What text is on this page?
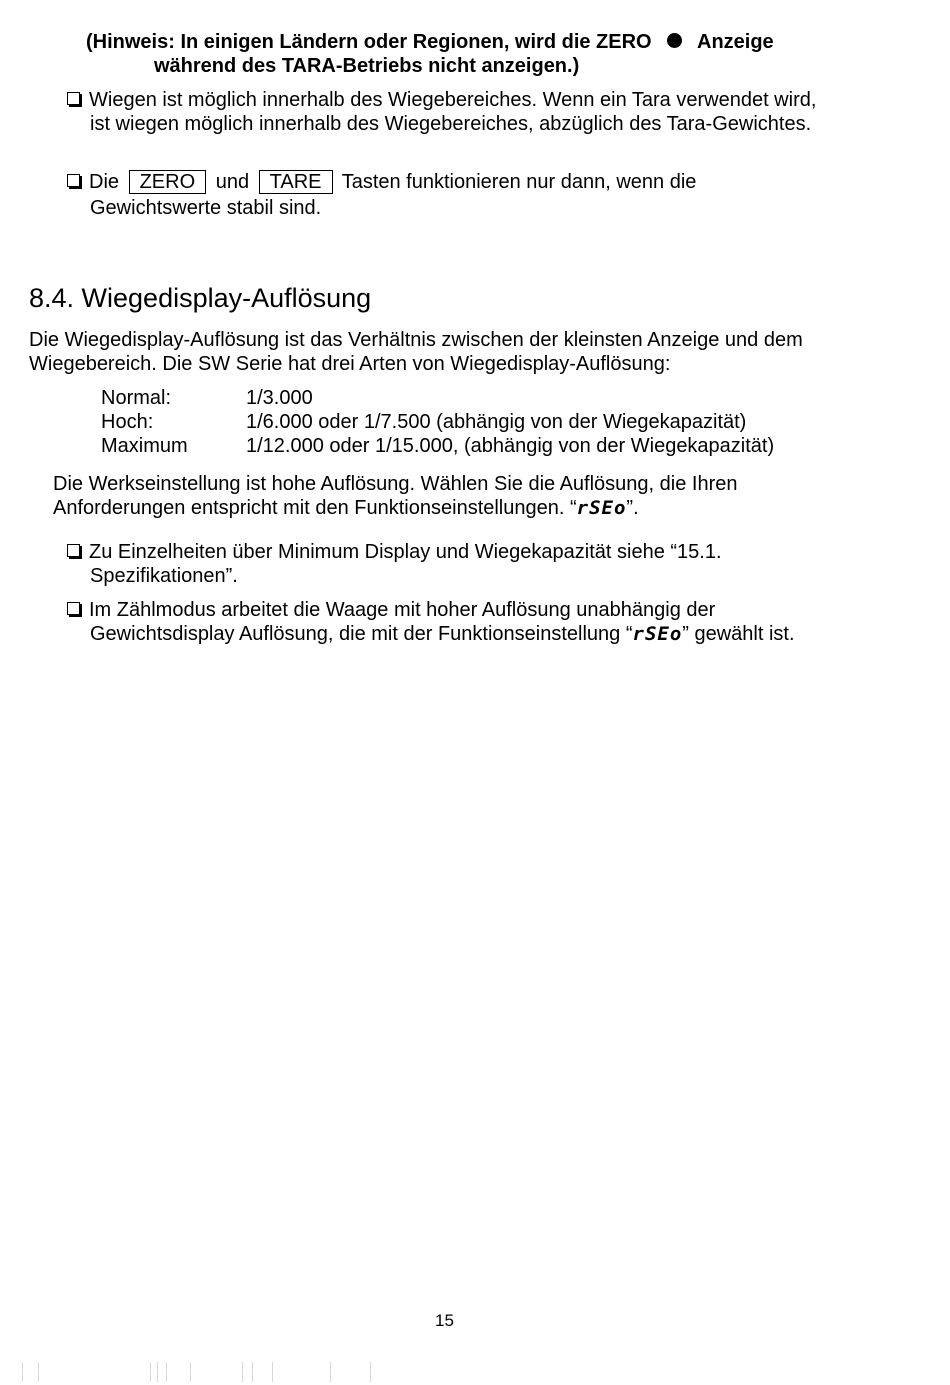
(Hinweis: In einigen Ländern oder Regionen, wird die ZERO Anzeige
während des TARA-Betriebs nicht anzeigen.)
Wiegen ist möglich innerhalb des Wiegebereiches. Wenn ein Tara verwendet wird,
ist wiegen möglich innerhalb des Wiegebereiches, abzüglich des Tara-Gewichtes.
Die ZERO und TARE Tasten funktionieren nur dann, wenn die
Gewichtswerte stabil sind.
8.4. Wiegedisplay-Auflösung
Die Wiegedisplay-Auflösung ist das Verhältnis zwischen der kleinsten Anzeige und dem
Wiegebereich. Die SW Serie hat drei Arten von Wiegedisplay-Auflösung:
Normal:	1/3.000
Hoch:	1/6.000 oder 1/7.500 (abhängig von der Wiegekapazität)
Maximum	1/12.000 oder 1/15.000, (abhängig von der Wiegekapazität)
Die Werkseinstellung ist hohe Auflösung. Wählen Sie die Auflösung, die Ihren
Anforderungen entspricht mit den Funktionseinstellungen. “rSEo”.
Zu Einzelheiten über Minimum Display und Wiegekapazität siehe “15.1.
Spezifikationen”.
Im Zählmodus arbeitet die Waage mit hoher Auflösung unabhängig der
Gewichtsdisplay Auflösung, die mit der Funktionseinstellung “rSEo” gewählt ist.
15
